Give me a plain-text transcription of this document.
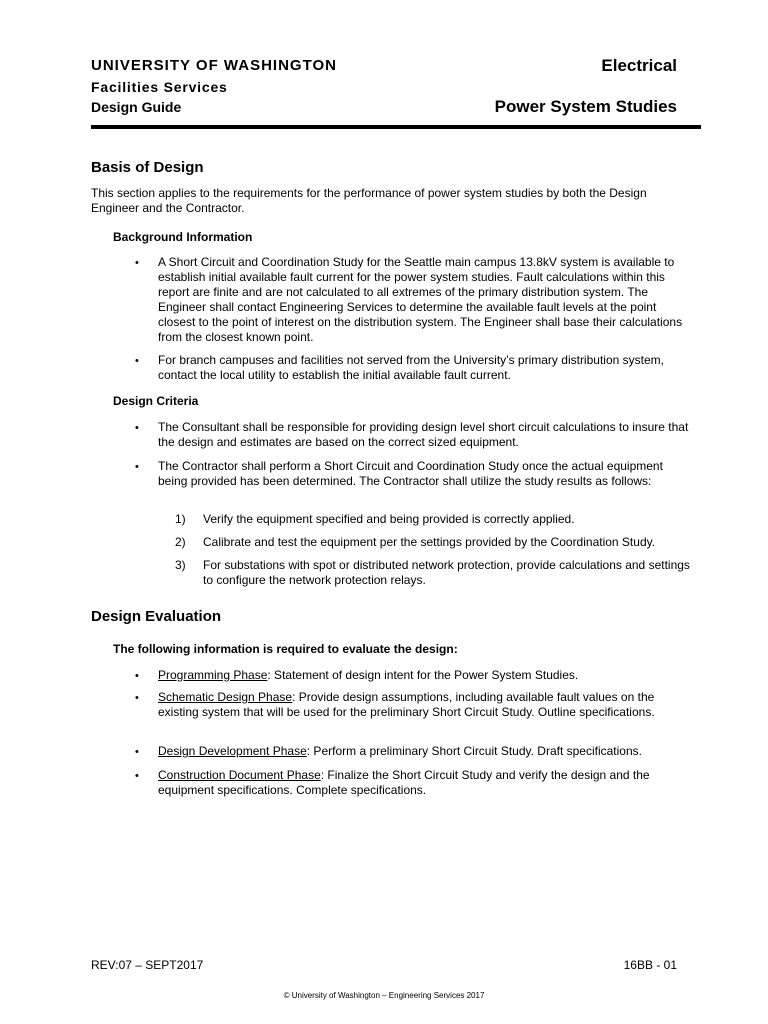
UNIVERSITY OF WASHINGTON
Facilities Services
Design Guide
Electrical
Power System Studies
Basis of Design
This section applies to the requirements for the performance of power system studies by both the Design Engineer and the Contractor.
Background Information
• A Short Circuit and Coordination Study for the Seattle main campus 13.8kV system is available to establish initial available fault current for the power system studies. Fault calculations within this report are finite and are not calculated to all extremes of the primary distribution system. The Engineer shall contact Engineering Services to determine the available fault levels at the point closest to the point of interest on the distribution system. The Engineer shall base their calculations from the closest known point.
• For branch campuses and facilities not served from the University’s primary distribution system, contact the local utility to establish the initial available fault current.
Design Criteria
• The Consultant shall be responsible for providing design level short circuit calculations to insure that the design and estimates are based on the correct sized equipment.
• The Contractor shall perform a Short Circuit and Coordination Study once the actual equipment being provided has been determined. The Contractor shall utilize the study results as follows:
1) Verify the equipment specified and being provided is correctly applied.
2) Calibrate and test the equipment per the settings provided by the Coordination Study.
3) For substations with spot or distributed network protection, provide calculations and settings to configure the network protection relays.
Design Evaluation
The following information is required to evaluate the design:
• Programming Phase: Statement of design intent for the Power System Studies.
• Schematic Design Phase: Provide design assumptions, including available fault values on the existing system that will be used for the preliminary Short Circuit Study. Outline specifications.
• Design Development Phase: Perform a preliminary Short Circuit Study. Draft specifications.
• Construction Document Phase: Finalize the Short Circuit Study and verify the design and the equipment specifications. Complete specifications.
REV:07 – SEPT2017	16BB - 01
© University of Washington – Engineering Services 2017
